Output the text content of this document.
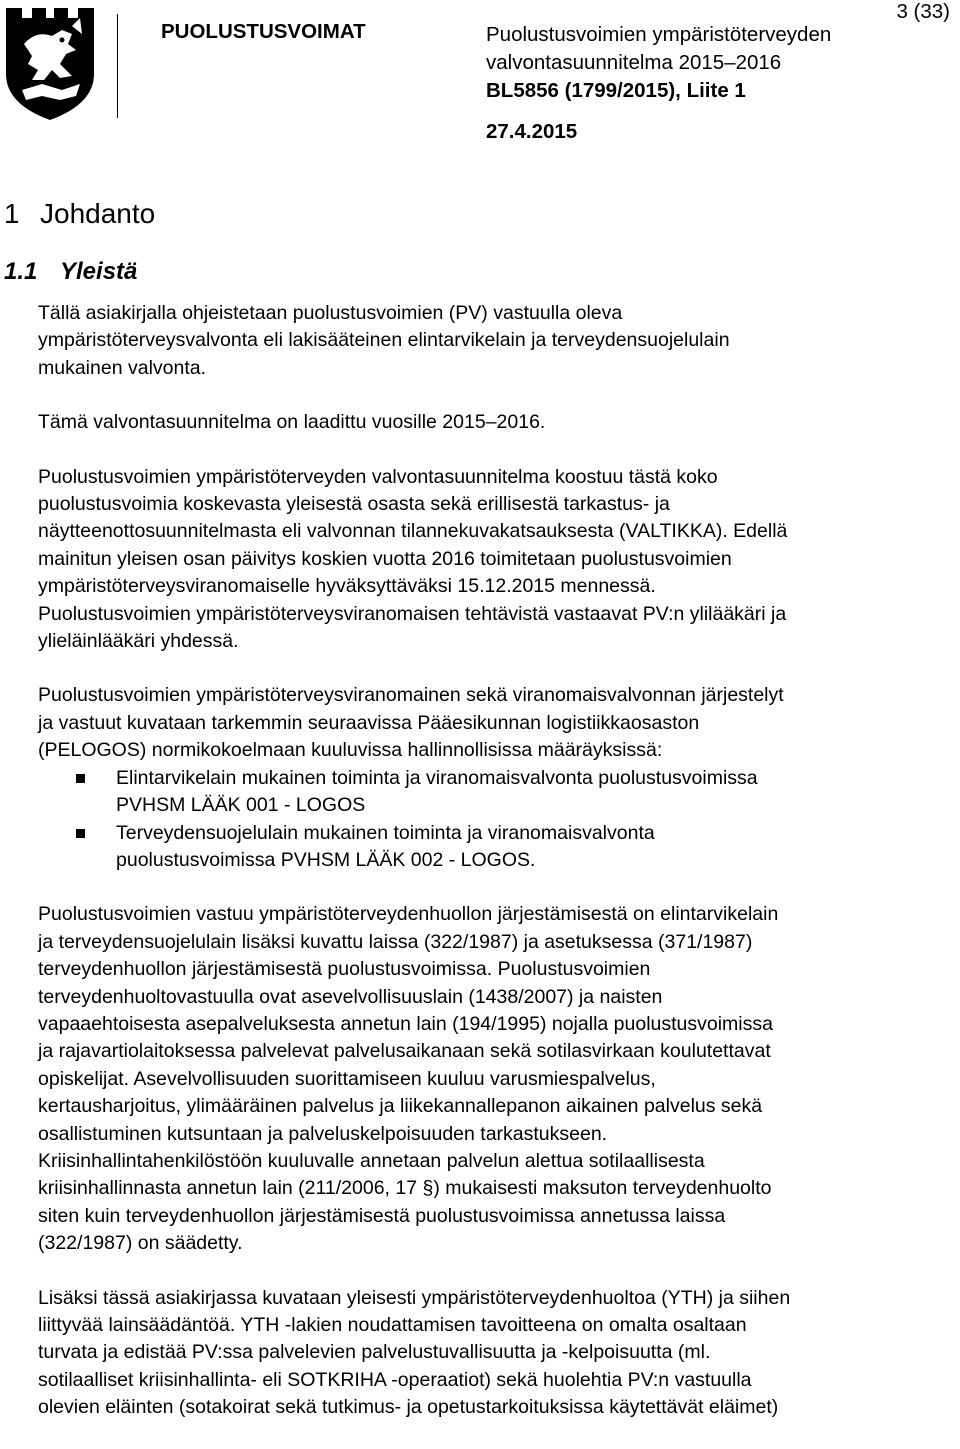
PUOLUSTUSVOIMAT	Puolustusvoimien ympäristöterveyden
valvontasuunnitelma 2015–2016
BL5856 (1799/2015), Liite 1
27.4.2015
3 (33)
1 Johdanto
1.1 Yleistä

Tällä asiakirjalla ohjeistetaan puolustusvoimien (PV) vastuulla oleva
ympäristöterveysvalvonta eli lakisääteinen elintarvikelain ja terveydensuojelulain
mukainen valvonta.

Tämä valvontasuunnitelma on laadittu vuosille 2015–2016.

Puolustusvoimien ympäristöterveyden valvontasuunnitelma koostuu tästä koko
puolustusvoimia koskevasta yleisestä osasta sekä erillisestä tarkastus- ja
näytteenottosuunnitelmasta eli valvonnan tilannekuvakatsauksesta (VALTIKKA). Edellä
mainitun yleisen osan päivitys koskien vuotta 2016 toimitetaan puolustusvoimien
ympäristöterveysviranomaiselle hyväksyttäväksi 15.12.2015 mennessä.
Puolustusvoimien ympäristöterveysviranomaisen tehtävistä vastaavat PV:n ylilääkäri ja
ylieläinlääkäri yhdessä.

Puolustusvoimien ympäristöterveysviranomainen sekä viranomaisvalvonnan järjestelyt
ja vastuut kuvataan tarkemmin seuraavissa Pääesikunnan logistiikkaosaston
(PELOGOS) normikokoelmaan kuuluvissa hallinnollisissa määräyksissä:

Elintarvikelain mukainen toiminta ja viranomaisvalvonta puolustusvoimissa
PVHSM LÄÄK 001 - LOGOS
Terveydensuojelulain mukainen toiminta ja viranomaisvalvonta
puolustusvoimissa PVHSM LÄÄK 002 - LOGOS.

Puolustusvoimien vastuu ympäristöterveydenhuollon järjestämisestä on elintarvikelain
ja terveydensuojelulain lisäksi kuvattu laissa (322/1987) ja asetuksessa (371/1987)
terveydenhuollon järjestämisestä puolustusvoimissa. Puolustusvoimien
terveydenhuoltovastuulla ovat asevelvollisuuslain (1438/2007) ja naisten
vapaaehtoisesta asepalveluksesta annetun lain (194/1995) nojalla puolustusvoimissa
ja rajavartiolaitoksessa palvelevat palvelusaikanaan sekä sotilasvirkaan koulutettavat
opiskelijat. Asevelvollisuuden suorittamiseen kuuluu varusmiespalvelus,
kertausharjoitus, ylimääräinen palvelus ja liikekannallepanon aikainen palvelus sekä
osallistuminen kutsuntaan ja palveluskelpoisuuden tarkastukseen.
Kriisinhallintahenkilöstöön kuuluvalle annetaan palvelun alettua sotilaallisesta
kriisinhallinnasta annetun lain (211/2006, 17 §) mukaisesti maksuton terveydenhuolto
siten kuin terveydenhuollon järjestämisestä puolustusvoimissa annetussa laissa
(322/1987) on säädetty.

Lisäksi tässä asiakirjassa kuvataan yleisesti ympäristöterveydenhuoltoa (YTH) ja siihen
liittyvää lainsäädäntöä. YTH -lakien noudattamisen tavoitteena on omalta osaltaan
turvata ja edistää PV:ssa palvelevien palvelustuvallisuutta ja -kelpoisuutta (ml.
sotilaalliset kriisinhallinta- eli SOTKRIHA -operaatiot) sekä huolehtia PV:n vastuulla
olevien eläinten (sotakoirat sekä tutkimus- ja opetustarkoituksissa käytettävät eläimet)
